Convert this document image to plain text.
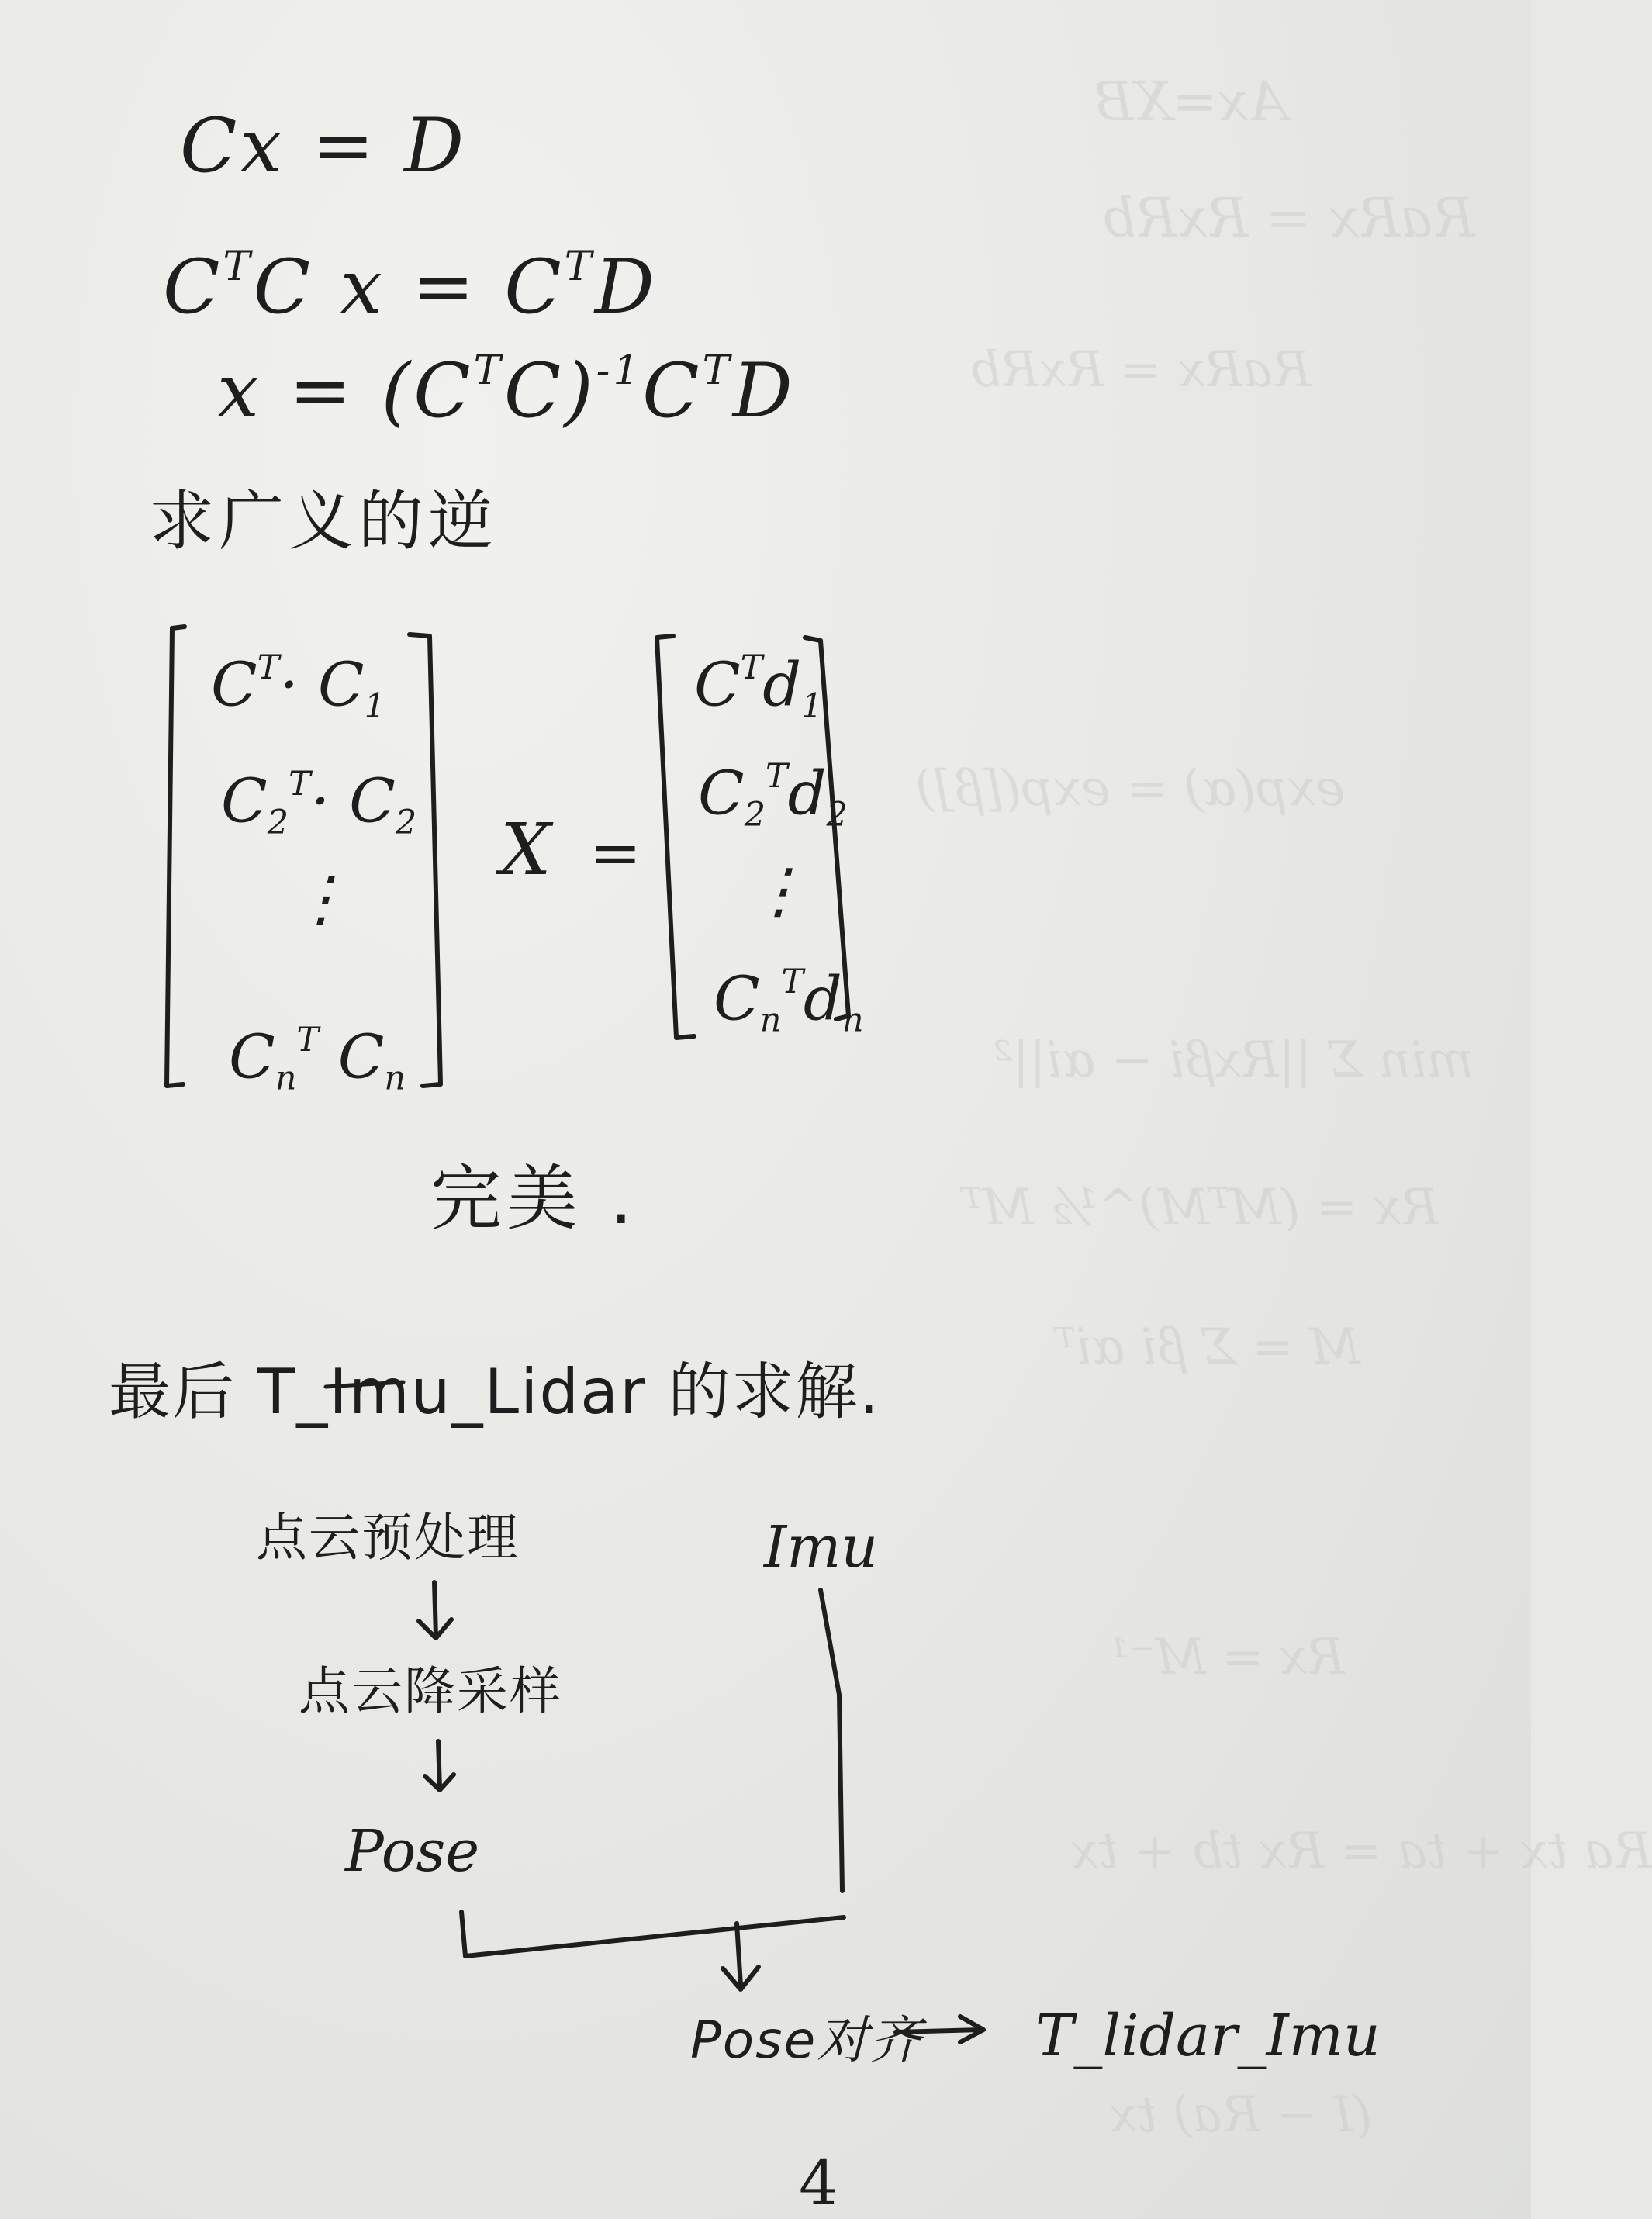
Ax=XB
RaRx = RxRb
RaRx = RxRb
exp(α) = exp([β])
min Σ ||Rxβi − αi||²
Rx = (MᵀM)^½ Mᵀ
M = Σ βi αiᵀ
Rx = M⁻¹
Ra tx + ta = Rx tb + tx
(I − Ra) tx
Cx = D
$C^TC$ $x = C^TD$
$x = (C^TC)^{-1}C^TD$
求广义的逆
$C^T\cdot C_1$
$C_2^T\cdot C_2$
⋮
$C_n^T$ $C_n$
X =
$C^Td_1$
$C_2^Td_2$
⋮
$C_n^Td_n$
完美 .
最后 T_Imu_Lidar 的求解.
点云预处理
点云降采样
Pose
Imu
Pose对齐 T_lidar_Imu
4
